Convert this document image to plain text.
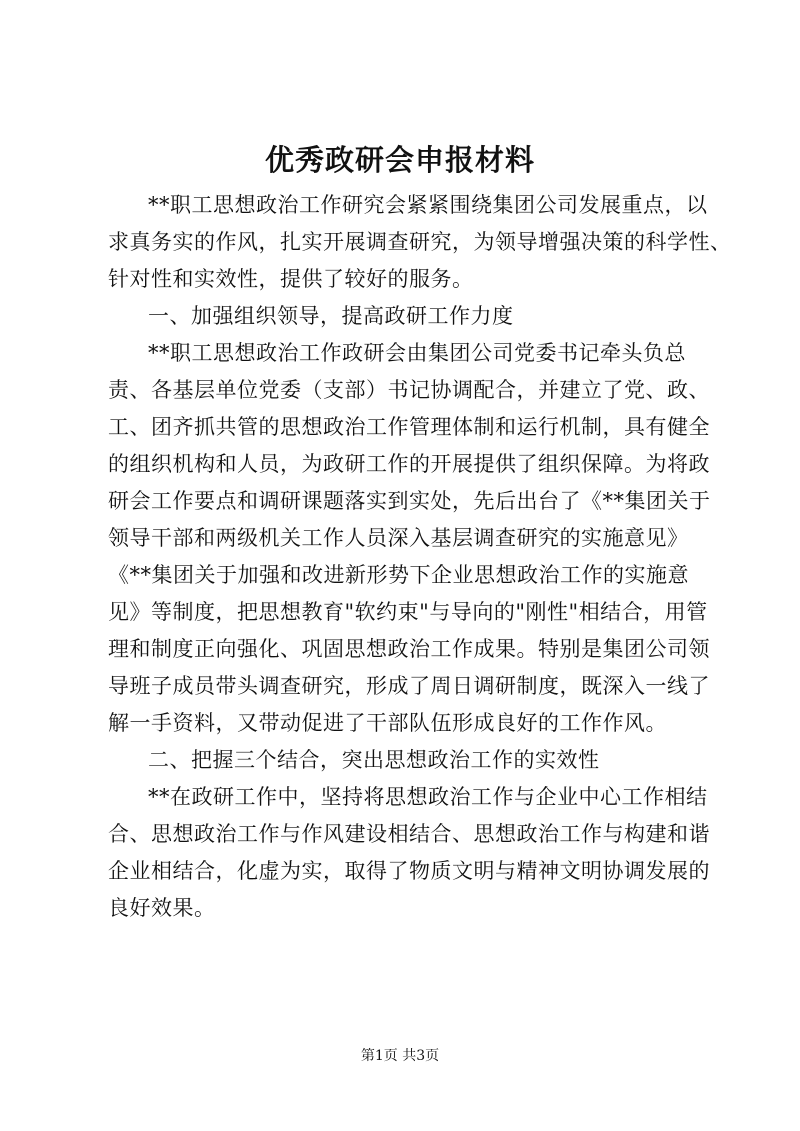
优秀政研会申报材料
**职工思想政治工作研究会紧紧围绕集团公司发展重点，以
求真务实的作风，扎实开展调查研究，为领导增强决策的科学性、
针对性和实效性，提供了较好的服务。
一、加强组织领导，提高政研工作力度
**职工思想政治工作政研会由集团公司党委书记牵头负总
责、各基层单位党委（支部）书记协调配合，并建立了党、政、
工、团齐抓共管的思想政治工作管理体制和运行机制，具有健全
的组织机构和人员，为政研工作的开展提供了组织保障。为将政
研会工作要点和调研课题落实到实处，先后出台了《**集团关于
领导干部和两级机关工作人员深入基层调查研究的实施意见》
《**集团关于加强和改进新形势下企业思想政治工作的实施意
见》等制度，把思想教育"软约束"与导向的"刚性"相结合，用管
理和制度正向强化、巩固思想政治工作成果。特别是集团公司领
导班子成员带头调查研究，形成了周日调研制度，既深入一线了
解一手资料，又带动促进了干部队伍形成良好的工作作风。
二、把握三个结合，突出思想政治工作的实效性
**在政研工作中，坚持将思想政治工作与企业中心工作相结
合、思想政治工作与作风建设相结合、思想政治工作与构建和谐
企业相结合，化虚为实，取得了物质文明与精神文明协调发展的
良好效果。
第1页 共3页
